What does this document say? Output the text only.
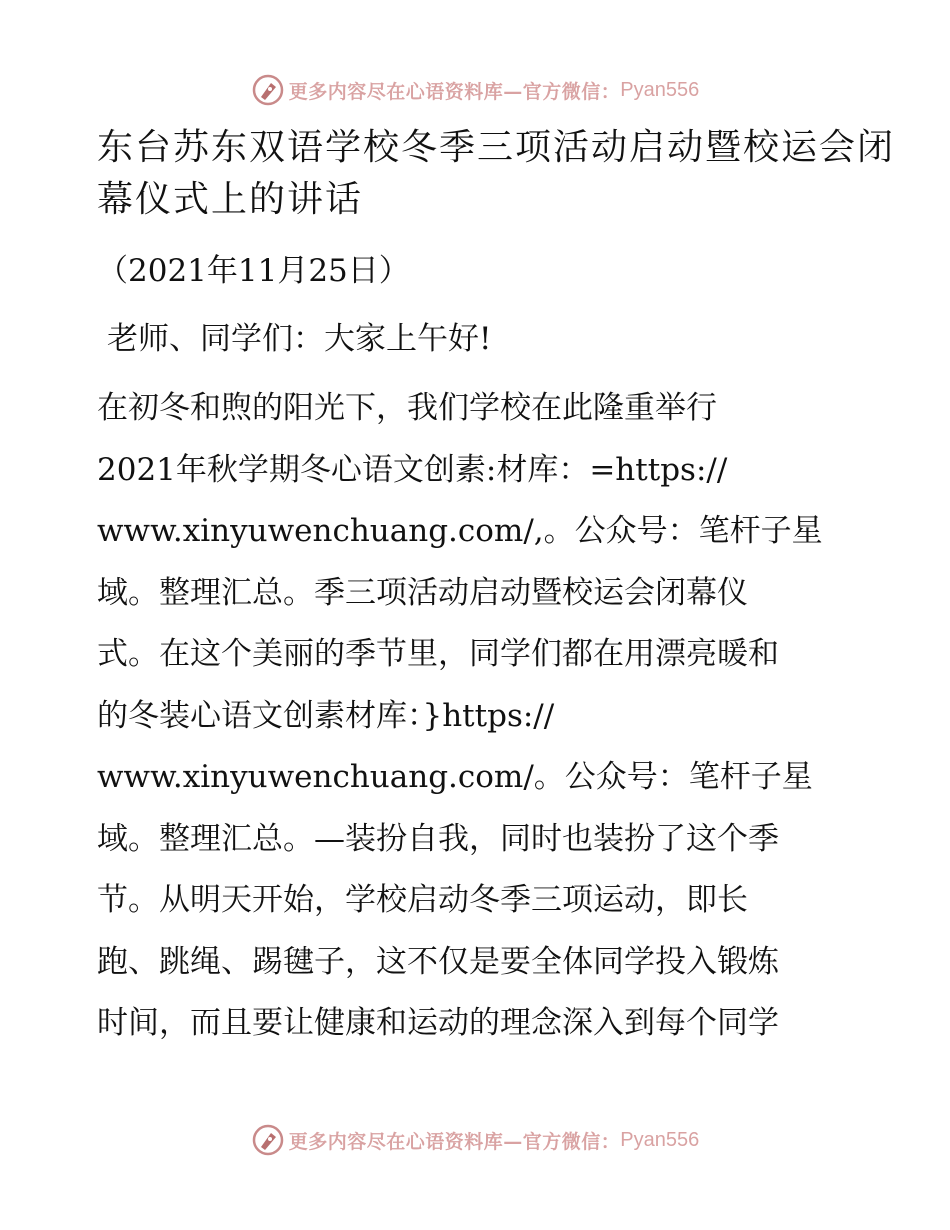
更多内容尽在心语资料库—官方微信： Pyan556
东台苏东双语学校冬季三项活动启动暨校运会闭
幕仪式上的讲话

（2021年11月25日）

老师、同学们：大家上午好!

在初冬和煦的阳光下，我们学校在此隆重举行
2021年秋学期冬心语文创素:材库：=https://
www.xinyuwenchuang.com/,。公众号：笔杆子星
域。整理汇总。季三项活动启动暨校运会闭幕仪
式。在这个美丽的季节里，同学们都在用漂亮暖和
的冬装心语文创素材库：}https://
www.xinyuwenchuang.com/。公众号：笔杆子星
域。整理汇总。—装扮自我，同时也装扮了这个季
节。从明天开始，学校启动冬季三项运动，即长
跑、跳绳、踢毽子，这不仅是要全体同学投入锻炼
时间，而且要让健康和运动的理念深入到每个同学

更多内容尽在心语资料库—官方微信： Pyan556
